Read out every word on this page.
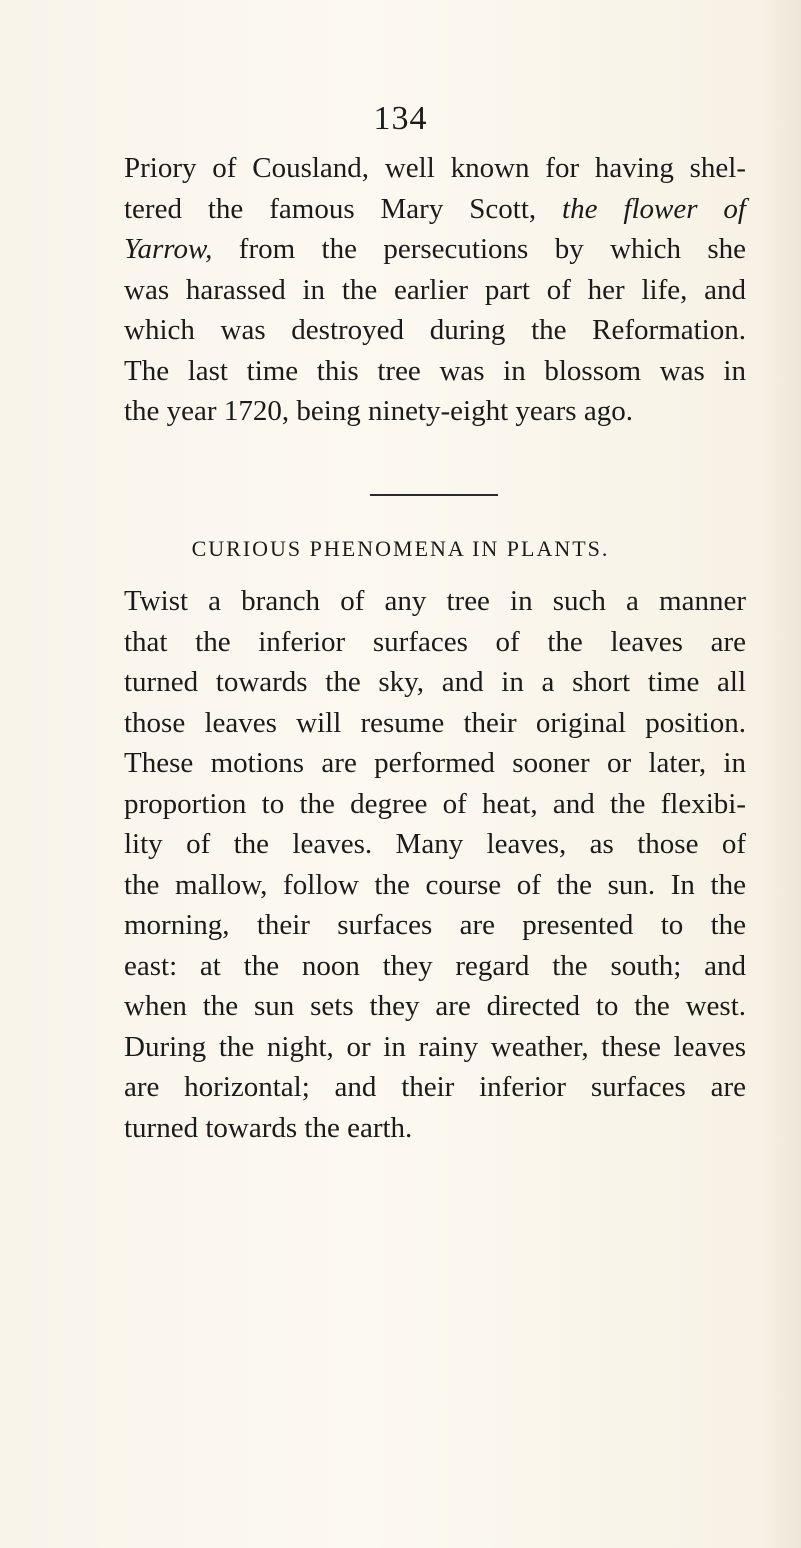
134
Priory of Cousland, well known for having shel-
tered the famous Mary Scott, the flower of
Yarrow, from the persecutions by which she
was harassed in the earlier part of her life, and
which was destroyed during the Reformation.
The last time this tree was in blossom was in
the year 1720, being ninety-eight years ago.
CURIOUS PHENOMENA IN PLANTS.
Twist a branch of any tree in such a manner
that the inferior surfaces of the leaves are
turned towards the sky, and in a short time all
those leaves will resume their original position.
These motions are performed sooner or later, in
proportion to the degree of heat, and the flexibi-
lity of the leaves. Many leaves, as those of
the mallow, follow the course of the sun. In the
morning, their surfaces are presented to the
east: at the noon they regard the south; and
when the sun sets they are directed to the west.
During the night, or in rainy weather, these leaves
are horizontal; and their inferior surfaces are
turned towards the earth.
